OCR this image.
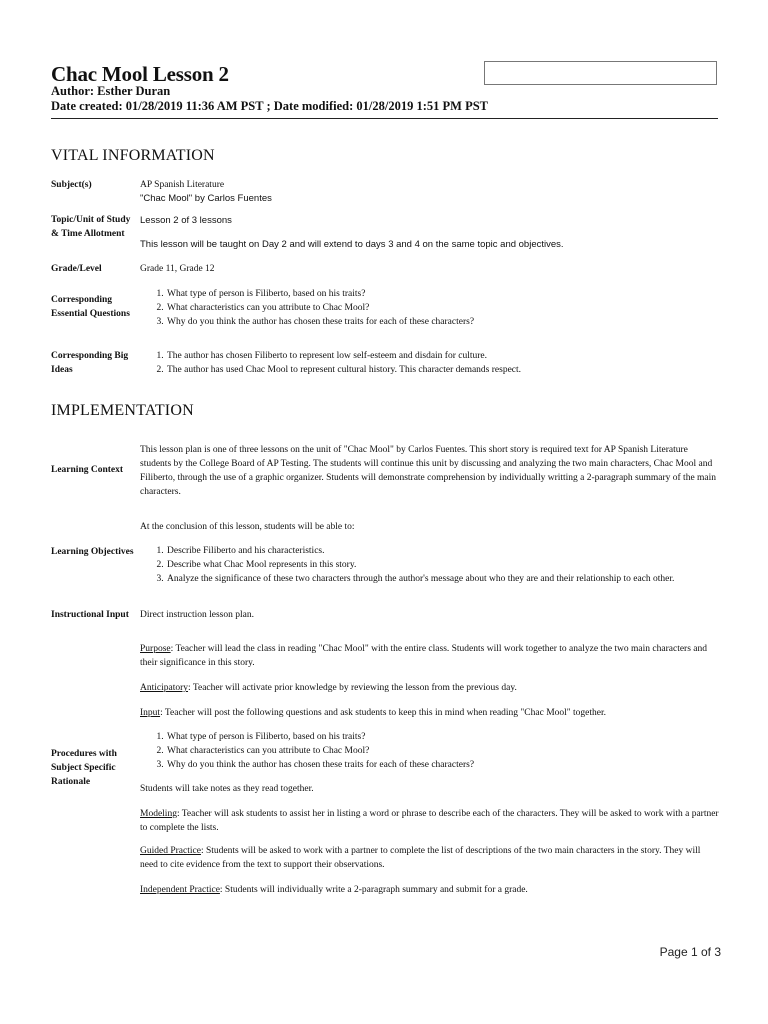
Chac Mool Lesson 2
Author: Esther Duran
Date created: 01/28/2019 11:36 AM PST ; Date modified: 01/28/2019 1:51 PM PST
VITAL INFORMATION
Subject(s)	AP Spanish Literature
"Chac Mool" by Carlos Fuentes
Topic/Unit of Study & Time Allotment
Lesson 2 of 3 lessons
This lesson will be taught on Day 2 and will extend to days 3 and 4 on the same topic and objectives.
Grade/Level	Grade 11, Grade 12
Corresponding Essential Questions
1. What type of person is Filiberto, based on his traits?
2. What characteristics can you attribute to Chac Mool?
3. Why do you think the author has chosen these traits for each of these characters?
Corresponding Big Ideas
1. The author has chosen Filiberto to represent low self-esteem and disdain for culture.
2. The author has used Chac Mool to represent cultural history. This character demands respect.
IMPLEMENTATION
Learning Context

This lesson plan is one of three lessons on the unit of "Chac Mool" by Carlos Fuentes. This short story is required text for AP Spanish Literature students by the College Board of AP Testing. The students will continue this unit by discussing and analyzing the two main characters, Chac Mool and Filiberto, through the use of a graphic organizer. Students will demonstrate comprehension by individually writting a 2-paragraph summary of the main characters.

At the conclusion of this lesson, students will be able to:
Learning Objectives
1.	Describe Filiberto and his characteristics.
2. Describe what Chac Mool represents in this story.
3. Analyze the significance of these two characters through the author's message about who they are and their relationship to each other.
Instructional Input	Direct instruction lesson plan.
Procedures with Subject Specific Rationale

Purpose: Teacher will lead the class in reading "Chac Mool" with the entire class. Students will work together to analyze the two main characters and their significance in this story.

Anticipatory: Teacher will activate prior knowledge by reviewing the lesson from the previous day.

Input: Teacher will post the following questions and ask students to keep this in mind when reading "Chac Mool" together.

1. What type of person is Filiberto, based on his traits?
2. What characteristics can you attribute to Chac Mool?
3. Why do you think the author has chosen these traits for each of these characters?
Students will take notes as they read together.

Modeling: Teacher will ask students to assist her in listing a word or phrase to describe each of the characters. They will be asked to work with a partner to complete the lists.

Guided Practice: Students will be asked to work with a partner to complete the list of descriptions of the two main characters in the story. They will need to cite evidence from the text to support their observations.

Independent Practice: Students will individually write a 2-paragraph summary and submit for a grade.

Page 1 of 3
